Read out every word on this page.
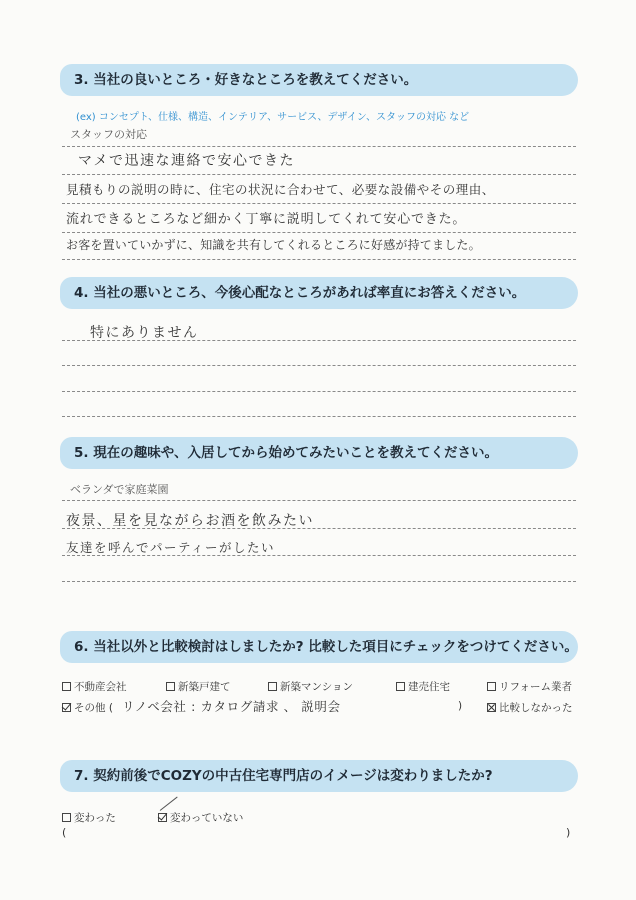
3. 当社の良いところ・好きなところを教えてください。
(ex) コンセプト、仕様、構造、インテリア、サービス、デザイン、スタッフの対応 など
スタッフの対応
マメで迅速な連絡で安心できた
見積もりの説明の時に、住宅の状況に合わせて、必要な設備やその理由、
流れできるところなど細かく丁寧に説明してくれて安心できた。
お客を置いていかずに、知識を共有してくれるところに好感が持てました。
4. 当社の悪いところ、今後心配なところがあれば率直にお答えください。
特にありません
5. 現在の趣味や、入居してから始めてみたいことを教えてください。
ベランダで家庭菜園
夜景、星を見ながらお酒を飲みたい
友達を呼んでパーティーがしたい
6. 当社以外と比較検討はしましたか? 比較した項目にチェックをつけてください。
不動産会社	新築戸建て	新築マンション	建売住宅	リフォーム業者
その他 ( リノベ会社 : カタログ請求 、 説明会	)	比較しなかった
7. 契約前後でCOZYの中古住宅専門店のイメージは変わりましたか?
変わった	変わっていない
(	)
